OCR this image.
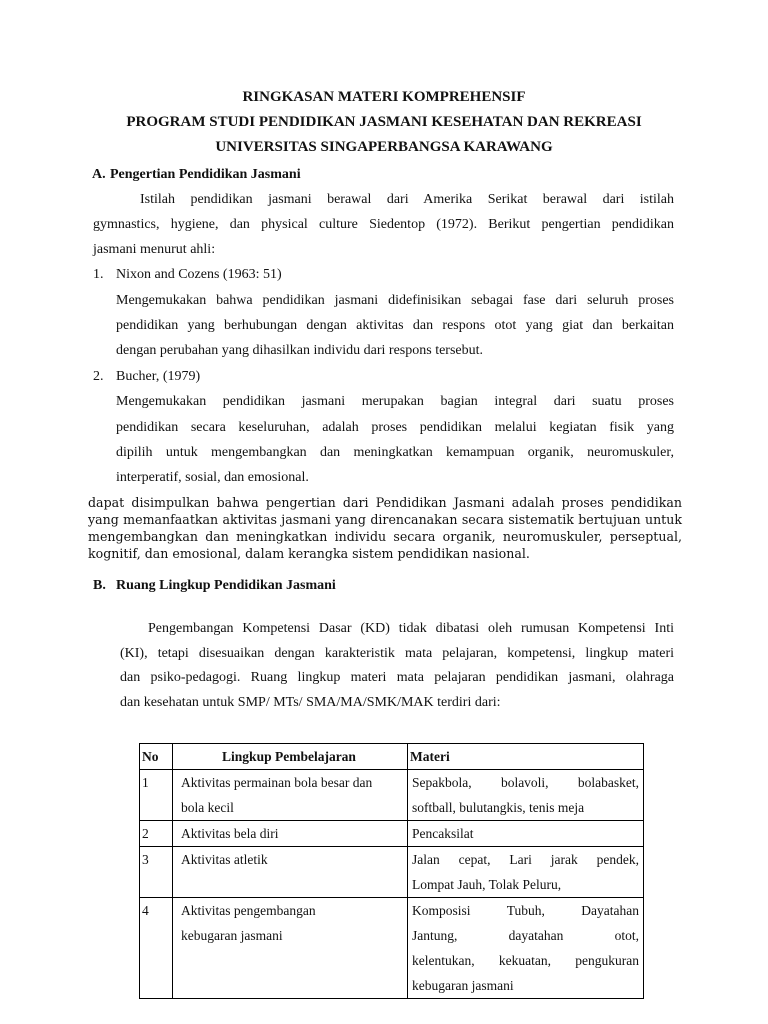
RINGKASAN MATERI KOMPREHENSIF
PROGRAM STUDI PENDIDIKAN JASMANI KESEHATAN DAN REKREASI
UNIVERSITAS SINGAPERBANGSA KARAWANG
A. Pengertian Pendidikan Jasmani
Istilah pendidikan jasmani berawal dari Amerika Serikat berawal dari istilah
gymnastics, hygiene, dan physical culture Siedentop (1972). Berikut pengertian pendidikan
jasmani menurut ahli:
1. Nixon and Cozens (1963: 51)
Mengemukakan bahwa pendidikan jasmani didefinisikan sebagai fase dari seluruh proses
pendidikan yang berhubungan dengan aktivitas dan respons otot yang giat dan berkaitan
dengan perubahan yang dihasilkan individu dari respons tersebut.
2. Bucher, (1979)
Mengemukakan pendidikan jasmani merupakan bagian integral dari suatu proses
pendidikan secara keseluruhan, adalah proses pendidikan melalui kegiatan fisik yang
dipilih untuk mengembangkan dan meningkatkan kemampuan organik, neuromuskuler,
interperatif, sosial, dan emosional.
dapat disimpulkan bahwa pengertian dari Pendidikan Jasmani adalah proses pendidikan yang memanfaatkan aktivitas jasmani yang direncanakan secara sistematik bertujuan untuk mengembangkan dan meningkatkan individu secara organik, neuromuskuler, perseptual, kognitif, dan emosional, dalam kerangka sistem pendidikan nasional.
B. Ruang Lingkup Pendidikan Jasmani
Pengembangan Kompetensi Dasar (KD) tidak dibatasi oleh rumusan Kompetensi Inti
(KI), tetapi disesuaikan dengan karakteristik mata pelajaran, kompetensi, lingkup materi
dan psiko-pedagogi. Ruang lingkup materi mata pelajaran pendidikan jasmani, olahraga
dan kesehatan untuk SMP/ MTs/ SMA/MA/SMK/MAK terdiri dari:
No	Lingkup Pembelajaran	Materi
1	Aktivitas permainan bola besar dan
bola kecil	Sepakbola, bolavoli, bolabasket,
softball, bulutangkis, tenis meja

2	Aktivitas bela diri	Pencaksilat

3	Aktivitas atletik	Jalan cepat, Lari jarak pendek,
Lompat Jauh, Tolak Peluru,

4	Aktivitas pengembangan
kebugaran jasmani	Komposisi Tubuh, Dayatahan
Jantung, dayatahan otot,
kelentukan, kekuatan, pengukuran
kebugaran jasmani
